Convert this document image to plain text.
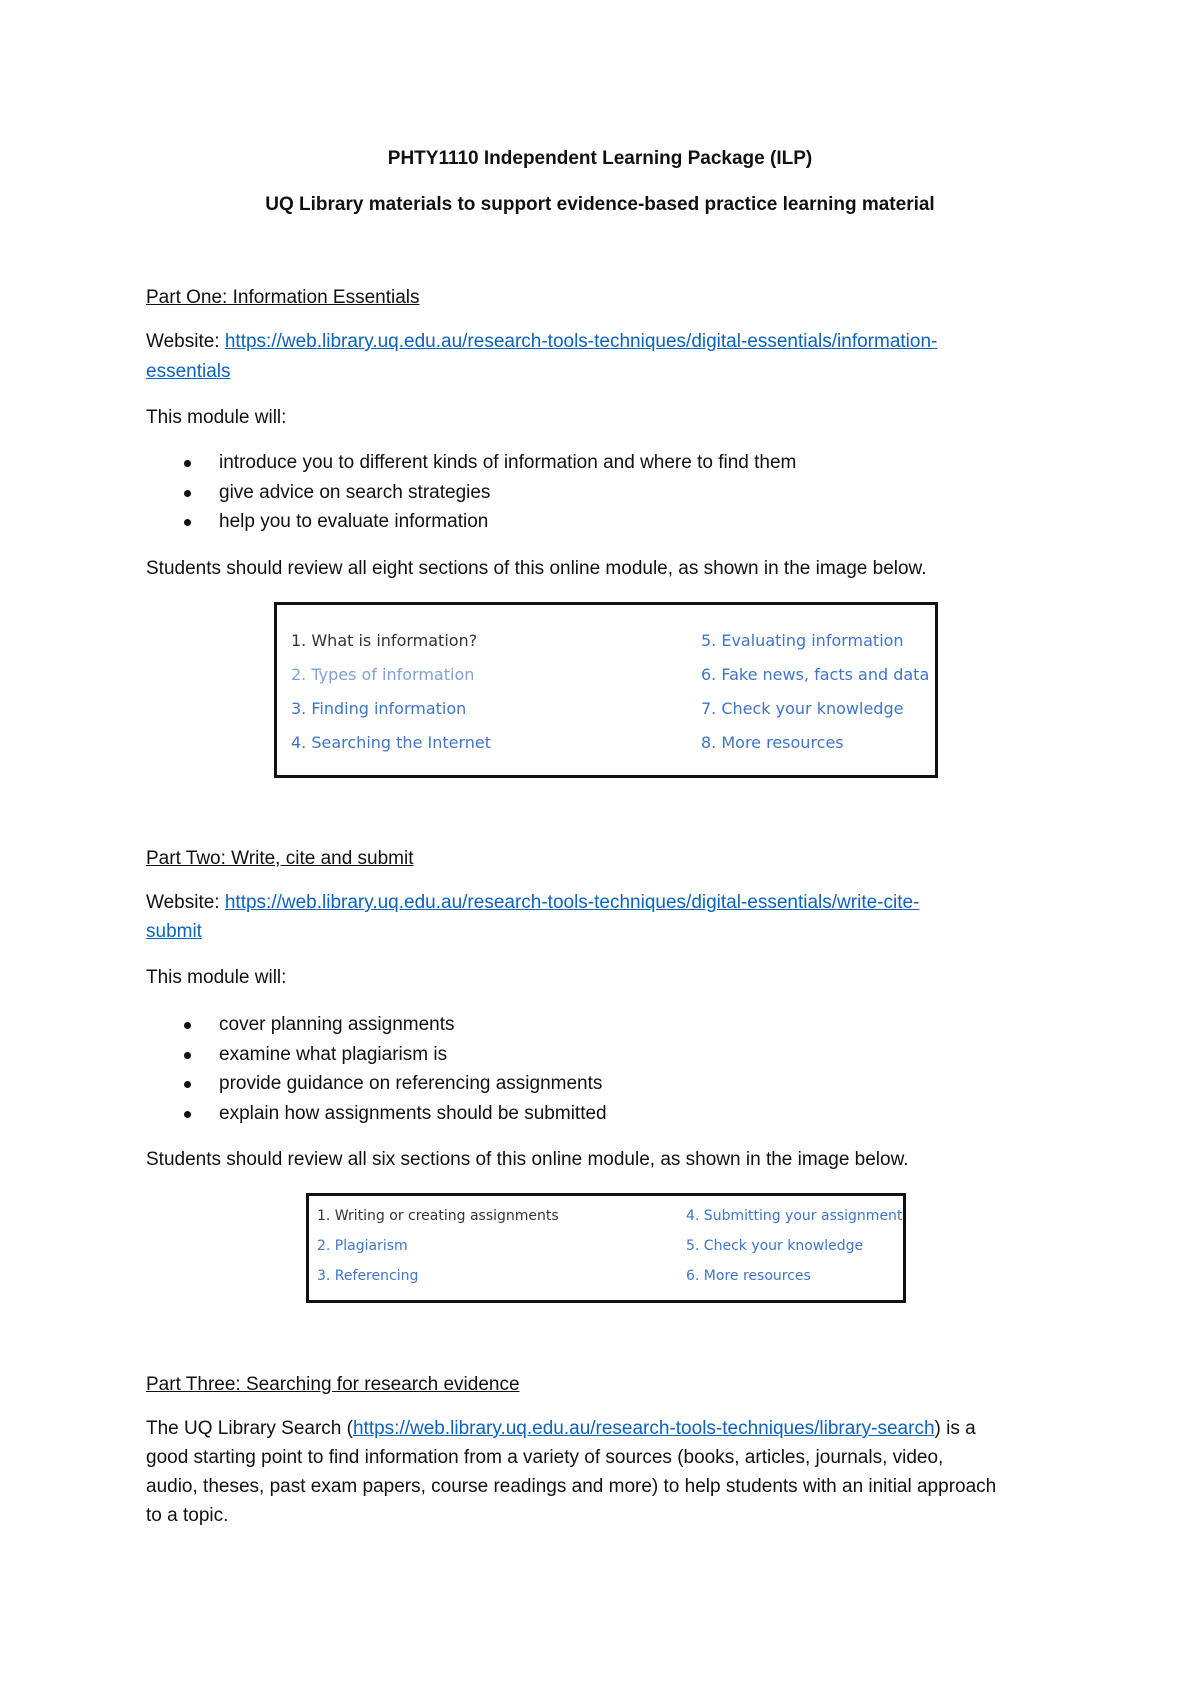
PHTY1110 Independent Learning Package (ILP)
UQ Library materials to support evidence-based practice learning material
Part One: Information Essentials
Website: https://web.library.uq.edu.au/research-tools-techniques/digital-essentials/information-
essentials
This module will:
introduce you to different kinds of information and where to find them
give advice on search strategies
help you to evaluate information
Students should review all eight sections of this online module, as shown in the image below.
1. What is information?
2. Types of information
3. Finding information
4. Searching the Internet
5. Evaluating information
6. Fake news, facts and data
7. Check your knowledge
8. More resources
Part Two: Write, cite and submit
Website: https://web.library.uq.edu.au/research-tools-techniques/digital-essentials/write-cite-
submit
This module will:
cover planning assignments
examine what plagiarism is
provide guidance on referencing assignments
explain how assignments should be submitted
Students should review all six sections of this online module, as shown in the image below.
1. Writing or creating assignments
2. Plagiarism
3. Referencing
4. Submitting your assignment
5. Check your knowledge
6. More resources
Part Three: Searching for research evidence
The UQ Library Search (https://web.library.uq.edu.au/research-tools-techniques/library-search) is a
good starting point to find information from a variety of sources (books, articles, journals, video,
audio, theses, past exam papers, course readings and more) to help students with an initial approach
to a topic.
